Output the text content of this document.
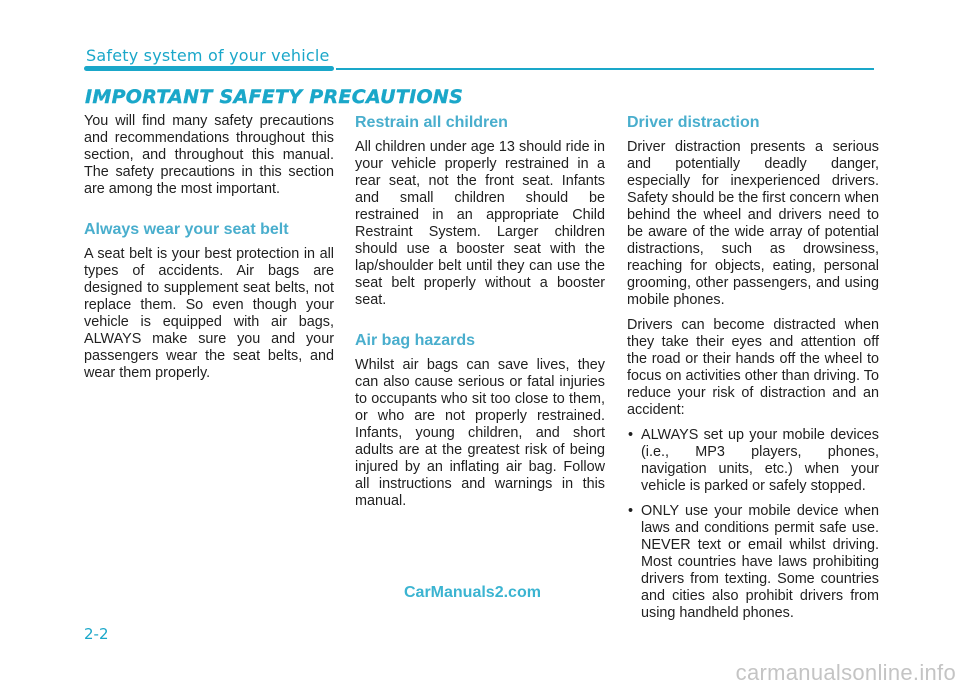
Safety system of your vehicle
IMPORTANT SAFETY PRECAUTIONS

You will find many safety precautions and recommendations throughout this section, and throughout this manual. The safety precautions in this section are among the most important.

Always wear your seat belt

A seat belt is your best protection in all types of accidents. Air bags are designed to supplement seat belts, not replace them. So even though your vehicle is equipped with air bags, ALWAYS make sure you and your passengers wear the seat belts, and wear them properly.

Restrain all children

All children under age 13 should ride in your vehicle properly restrained in a rear seat, not the front seat. Infants and small children should be restrained in an appropriate Child Restraint System. Larger children should use a booster seat with the lap/shoulder belt until they can use the seat belt properly without a booster seat.

Air bag hazards

Whilst air bags can save lives, they can also cause serious or fatal injuries to occupants who sit too close to them, or who are not properly restrained. Infants, young children, and short adults are at the greatest risk of being injured by an inflating air bag. Follow all instructions and warnings in this manual.

Driver distraction

Driver distraction presents a serious and potentially deadly danger, especially for inexperienced drivers. Safety should be the first concern when behind the wheel and drivers need to be aware of the wide array of potential distractions, such as drowsiness, reaching for objects, eating, personal grooming, other passengers, and using mobile phones.

Drivers can become distracted when they take their eyes and attention off the road or their hands off the wheel to focus on activities other than driving. To reduce your risk of distraction and an accident:

• ALWAYS set up your mobile devices (i.e., MP3 players, phones, navigation units, etc.) when your vehicle is parked or safely stopped.
• ONLY use your mobile device when laws and conditions permit safe use. NEVER text or email whilst driving. Most countries have laws prohibiting drivers from texting. Some countries and cities also prohibit drivers from using handheld phones.
CarManuals2.com
2-2
carmanualsonline.info
